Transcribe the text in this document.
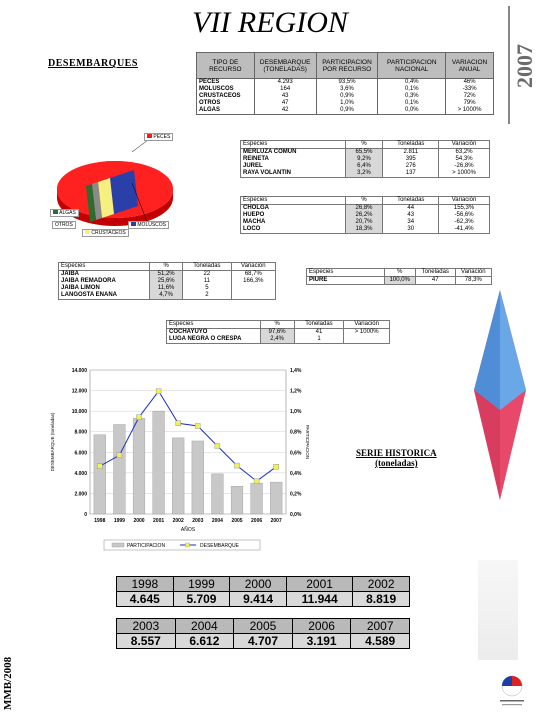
VII REGION
2007
MMB/2008
DESEMBARQUES	TIPO DE RECURSO	DESEMBARQUE (TONELADAS)	PARTICIPACION POR RECURSO	PARTICIPACION NACIONAL	VARIACION ANUAL
PECES	4.293	93,5%	0,4%	46%
MOLUSCOS	164	3,6%	0,1%	-33%
CRUSTACEOS	43	0,9%	0,3%	72%
OTROS	47	1,0%	0,1%	79%
ALGAS	42	0,9%	0,0%	> 1000%
PECES
ALGAS
OTROS	MOLUSCOS
CRUSTACEOS
Especies	%	Toneladas	Variación
MERLUZA COMUN	65,5%	2.811	63,2%
REINETA	9,2%	395	54,3%
JUREL	6,4%	276	-26,8%
RAYA VOLANTIN	3,2%	137	> 1000%
Especies	%	Toneladas	Variación
CHOLGA	26,8%	44	155,3%
HUEPO	26,2%	43	-56,6%
MACHA	20,7%	34	-62,3%
LOCO	18,3%	30	-41,4%
Especies	%	Toneladas	Variación
JAIBA	51,2%	22	68,7%
JAIBA REMADORA	25,6%	11	166,3%
JAIBA LIMON	11,6%	5	
LANGOSTA ENANA	4,7%	2	
Especies	%	Toneladas	Variación
PIURE	100,0%	47	78,3%
Especies	%	Toneladas	Variación
COCHAYUYO	97,6%	41	> 1000%
LUGA NEGRA O CRESPA	2,4%	1	
0
2.000
4.000
6.000
8.000
10.000
12.000
14.000
0,0%
0,2%
0,4%
0,6%
0,8%
1,0%
1,2%
1,4%
1998 1999 2000 2001 2002 2003 2004 2005 2006 2007
DESEMBARQUE (toneladas)	PARTICIPACION
AÑOS
PARTICIPACION	DESEMBARQUE
SERIE HISTORICA
(toneladas)
1998	1999	2000	2001	2002
4.645	5.709	9.414	11.944	8.819
2003	2004	2005	2006	2007
8.557	6.612	4.707	3.191	4.589
